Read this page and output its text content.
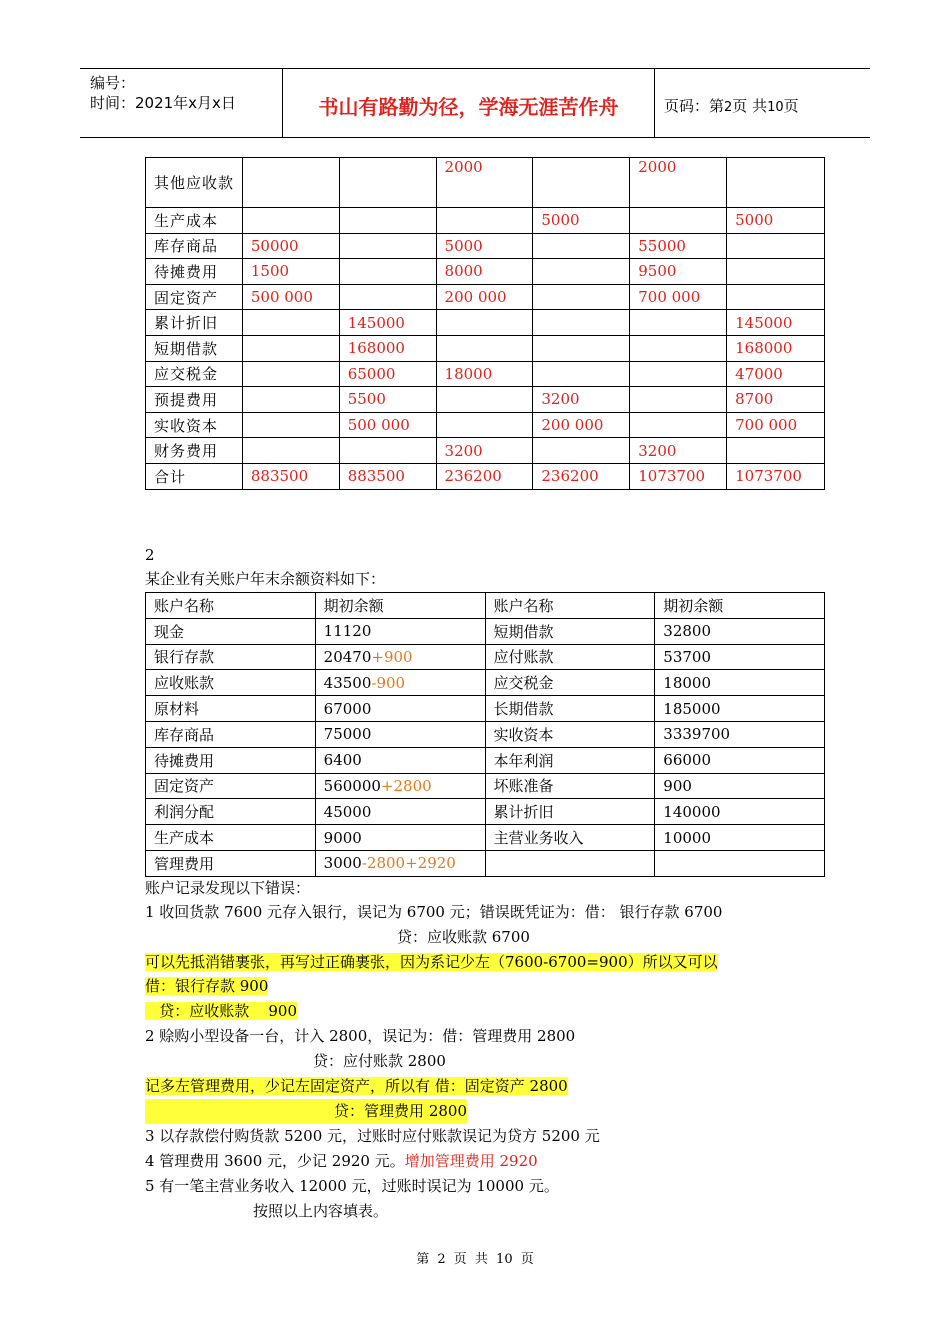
编号：
时间：2021年x月x日	书山有路勤为径，学海无涯苦作舟	页码：第2页 共10页
其他应收款			2000		2000	
生产成本				5000		5000
库存商品	50000		5000		55000	
待摊费用	1500		8000		9500	
固定资产	500 000		200 000		700 000	
累计折旧		145000				145000
短期借款		168000				168000
应交税金		65000	18000			47000
预提费用		5500		3200		8700
实收资本		500 000		200 000		700 000
财务费用			3200		3200	
合计	883500	883500	236200	236200	1073700	1073700
2
某企业有关账户年末余额资料如下：
账户名称	期初余额	账户名称	期初余额
现金	11120	短期借款	32800
银行存款	20470+900	应付账款	53700
应收账款	43500-900	应交税金	18000
原材料	67000	长期借款	185000
库存商品	75000	实收资本	3339700
待摊费用	6400	本年利润	66000
固定资产	560000+2800	坏账准备	900
利润分配	45000	累计折旧	140000
生产成本	9000	主营业务收入	10000
管理费用	3000-2800+2920		
账户记录发现以下错误：
1 收回货款 7600 元存入银行，误记为 6700 元；错误既凭证为：借： 银行存款 6700
贷：应收账款 6700
可以先抵消错裹张，再写过正确裹张，因为系记少左（7600-6700=900）所以又可以
借：银行存款 900
贷：应收账款    900
2 赊购小型设备一台，计入 2800，误记为：借：管理费用 2800
贷：应付账款 2800
记多左管理费用，少记左固定资产，所以有 借：固定资产 2800
贷：管理费用 2800
3 以存款偿付购货款 5200 元，过账时应付账款误记为贷方 5200 元
4 管理费用 3600 元，少记 2920 元。增加管理费用 2920
5 有一笔主营业务收入 12000 元，过账时误记为 10000 元。
按照以上内容填表。
第 2 页 共 10 页
